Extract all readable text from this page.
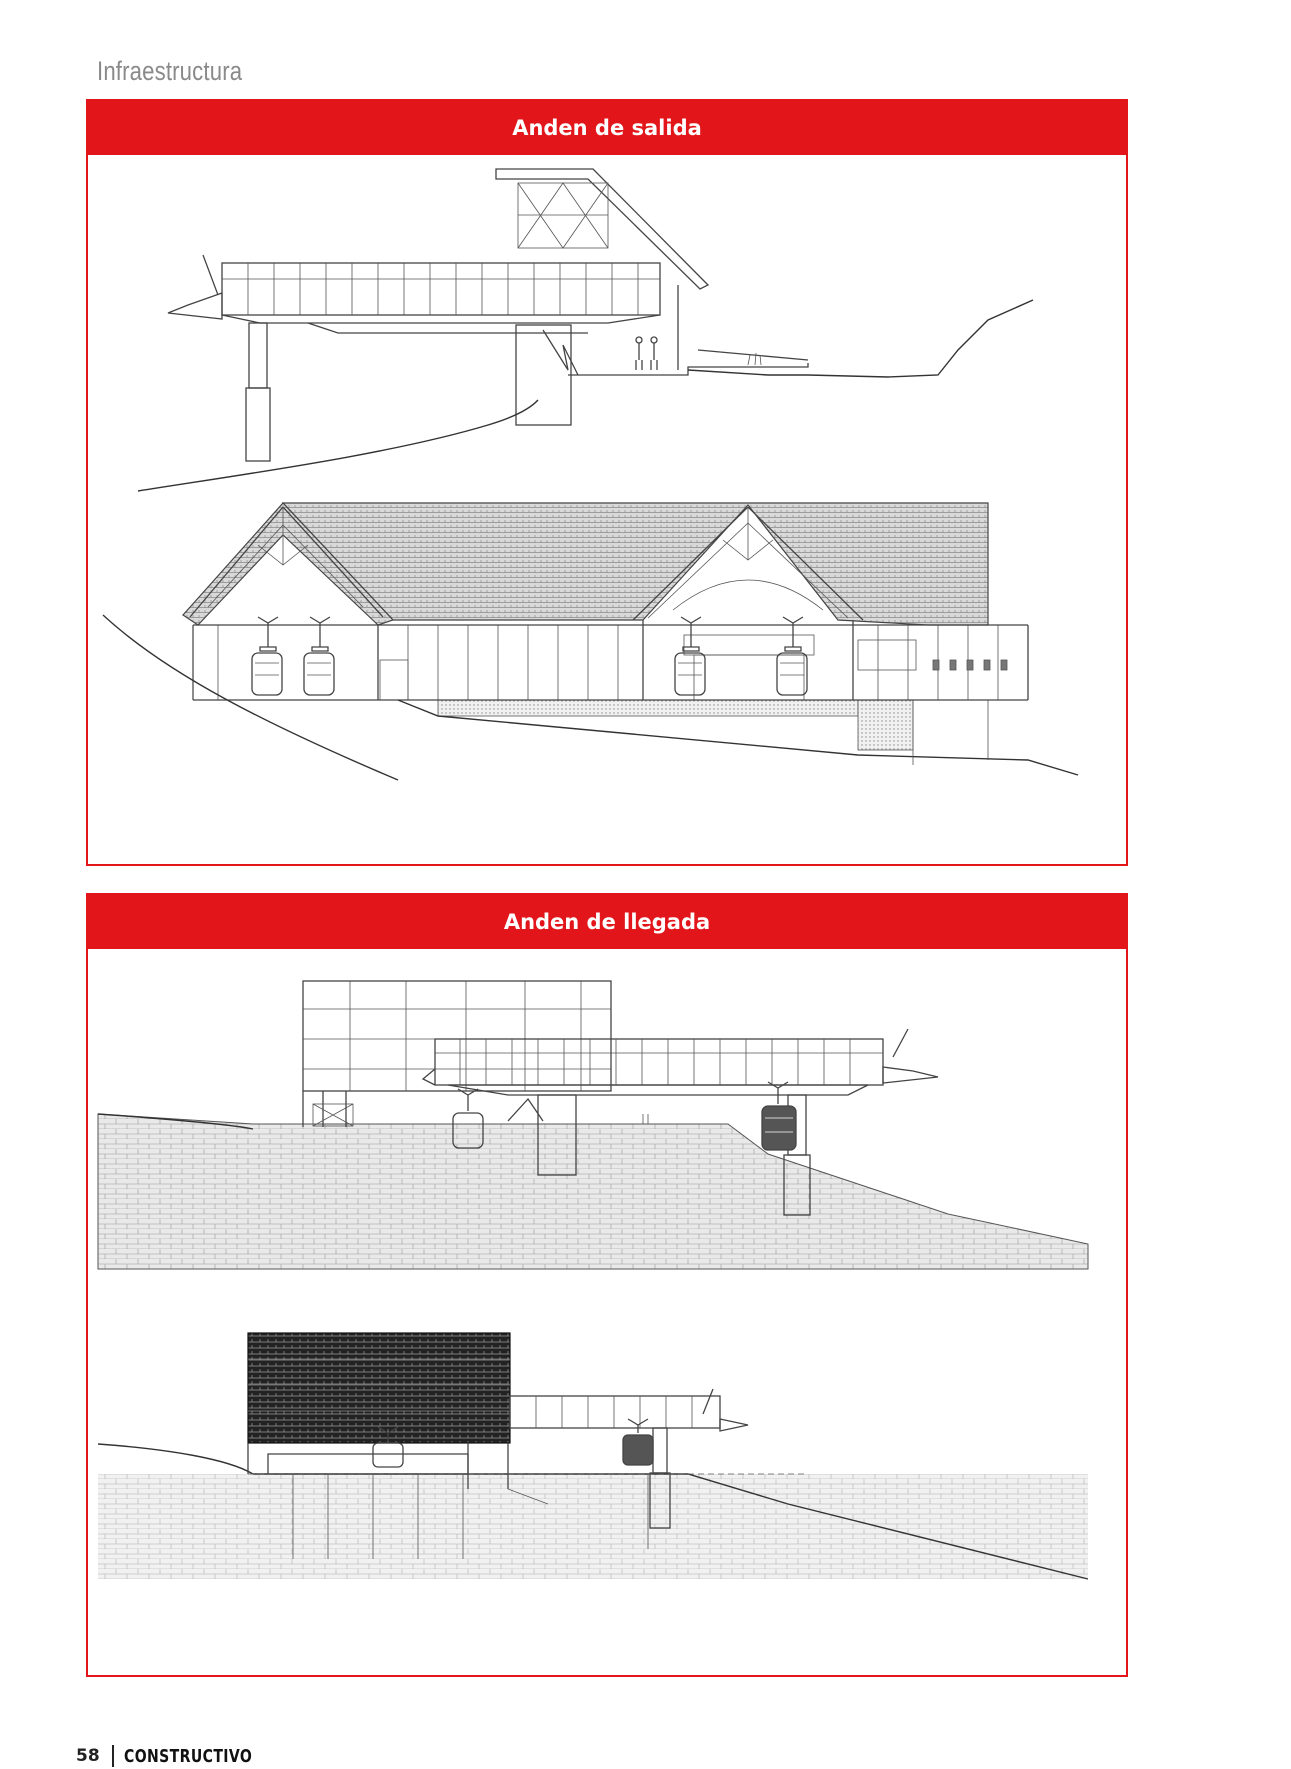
Infraestructura
Anden de salida
Anden de llegada
58 CONSTRUCTIVO
